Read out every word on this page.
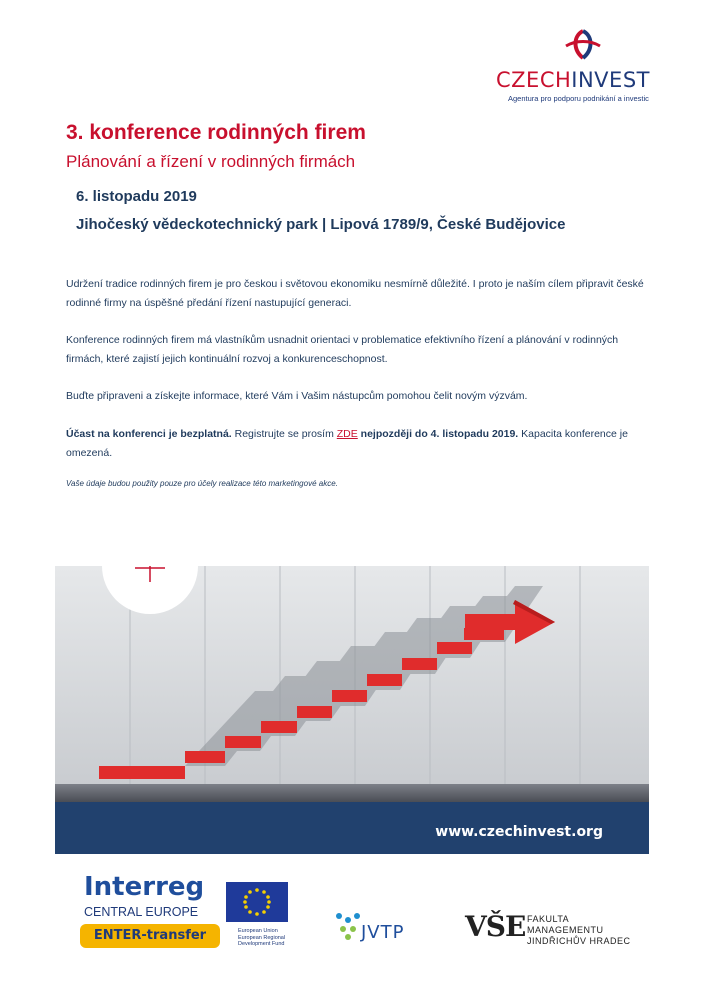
CZECHINVEST
Agentura pro podporu podnikání a investic
3. konference rodinných firem
Plánování a řízení v rodinných firmách
6. listopadu 2019
Jihočeský vědeckotechnický park | Lipová 1789/9, České Budějovice
Udržení tradice rodinných firem je pro českou i světovou ekonomiku nesmírně důležité. I proto je naším cílem připravit české rodinné firmy na úspěšné předání řízení nastupující generaci.
Konference rodinných firem má vlastníkům usnadnit orientaci v problematice efektivního řízení a plánování v rodinných firmách, které zajistí jejich kontinuální rozvoj a konkurenceschopnost.
Buďte připraveni a získejte informace, které Vám i Vašim nástupcům pomohou čelit novým výzvám.
Účast na konferenci je bezplatná. Registrujte se prosím ZDE nejpozději do 4. listopadu 2019. Kapacita konference je omezená.
Vaše údaje budou použity pouze pro účely realizace této marketingové akce.
www.czechinvest.org
Interreg
CENTRAL EUROPE
ENTER-transfer	European Union
European Regional
Development Fund
JVTP VŠE FAKULTA
MANAGEMENTU
JINDŘICHŮV HRADEC
